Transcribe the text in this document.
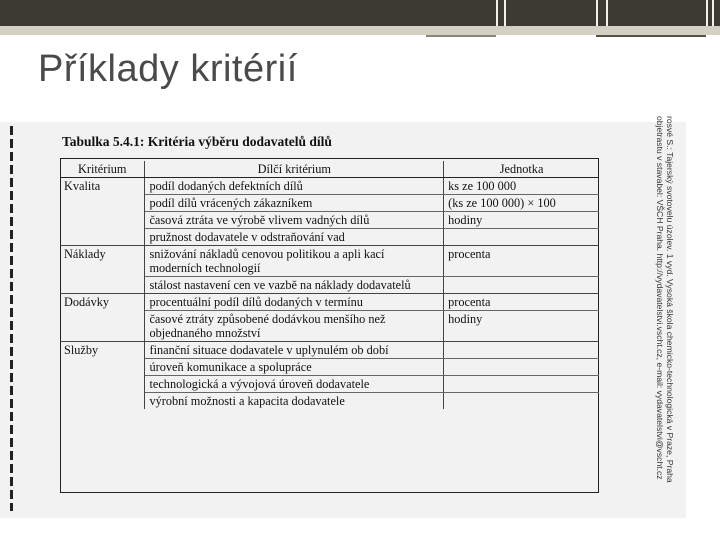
Příklady kritérií
Tabulka 5.4.1: Kritéria výběru dodavatelů dílů
Kritérium	Dílčí kritérium	Jednotka
Kvalita	podíl dodaných defektních dílů	ks ze 100 000
	podíl dílů vrácených zákazníkem	(ks ze 100 000) × 100
	časová ztráta ve výrobě vlivem vadných dílů	hodiny
	pružnost dodavatele v odstraňování vad	
Náklady	snižování nákladů cenovou politikou a apli kací moderních technologií	procenta
	stálost nastavení cen ve vazbě na náklady dodavatelů	
Dodávky	procentuální podíl dílů dodaných v termínu	procenta
	časové ztráty způsobené dodávkou menšího než objednaného množství	hodiny
Služby	finanční situace dodavatele v uplynulém ob dobí	
	úroveň komunikace a spolupráce	
	technologická a vývojová úroveň dodavatele	
	výrobní možnosti a kapacita dodavatele		rosvé S.: Tajerský svotovelu úzolev. 1 vyd. Vysoká škola chemicko-technologická v Praze, Praha
objetrastu v stavabel: VŠCH Praha. http://vydavatelstvi.vscht.cz, e-mail: vydavatelstvi@vscht.cz
